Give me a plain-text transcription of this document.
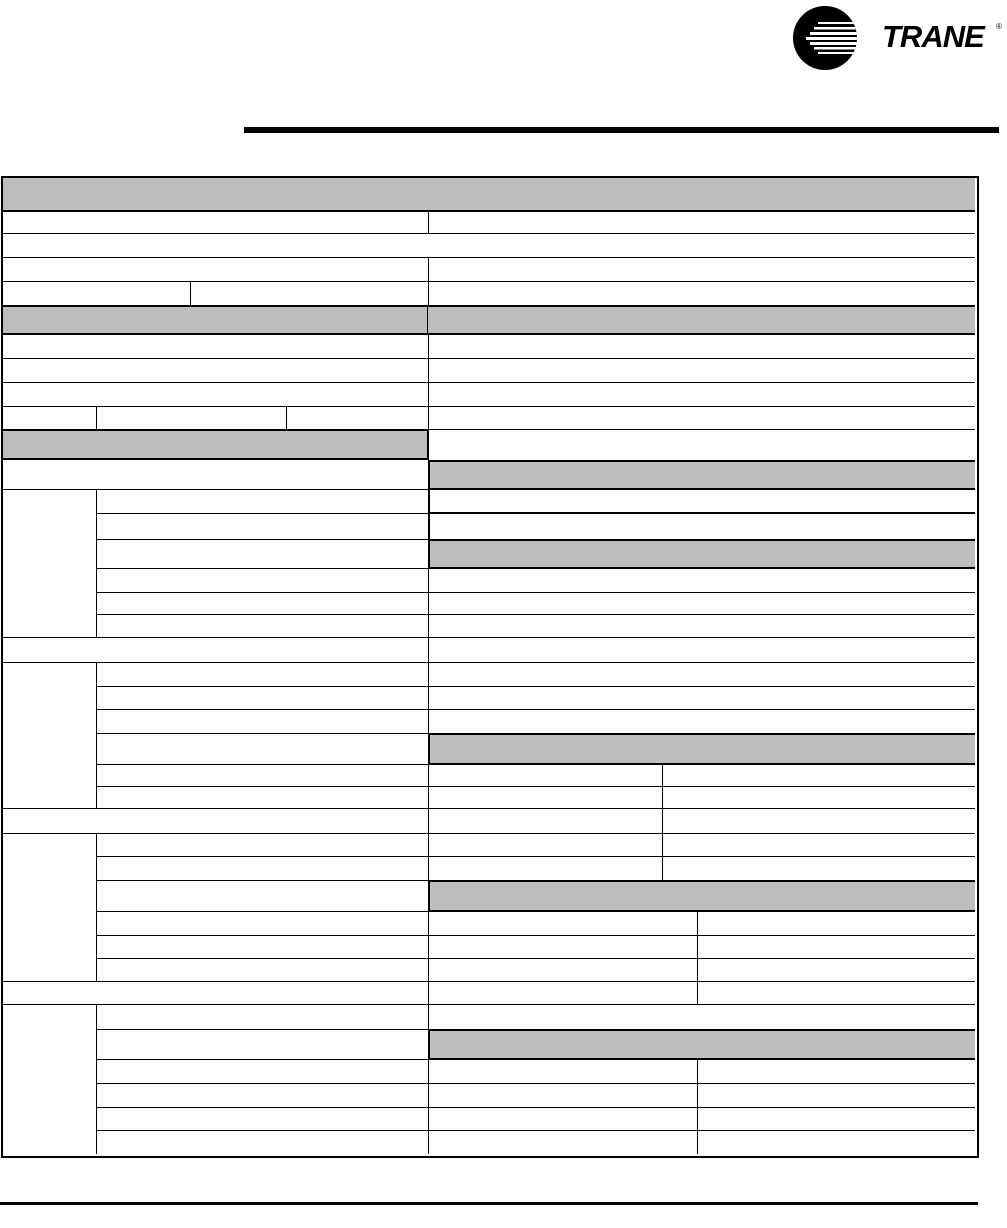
TRANE ®
